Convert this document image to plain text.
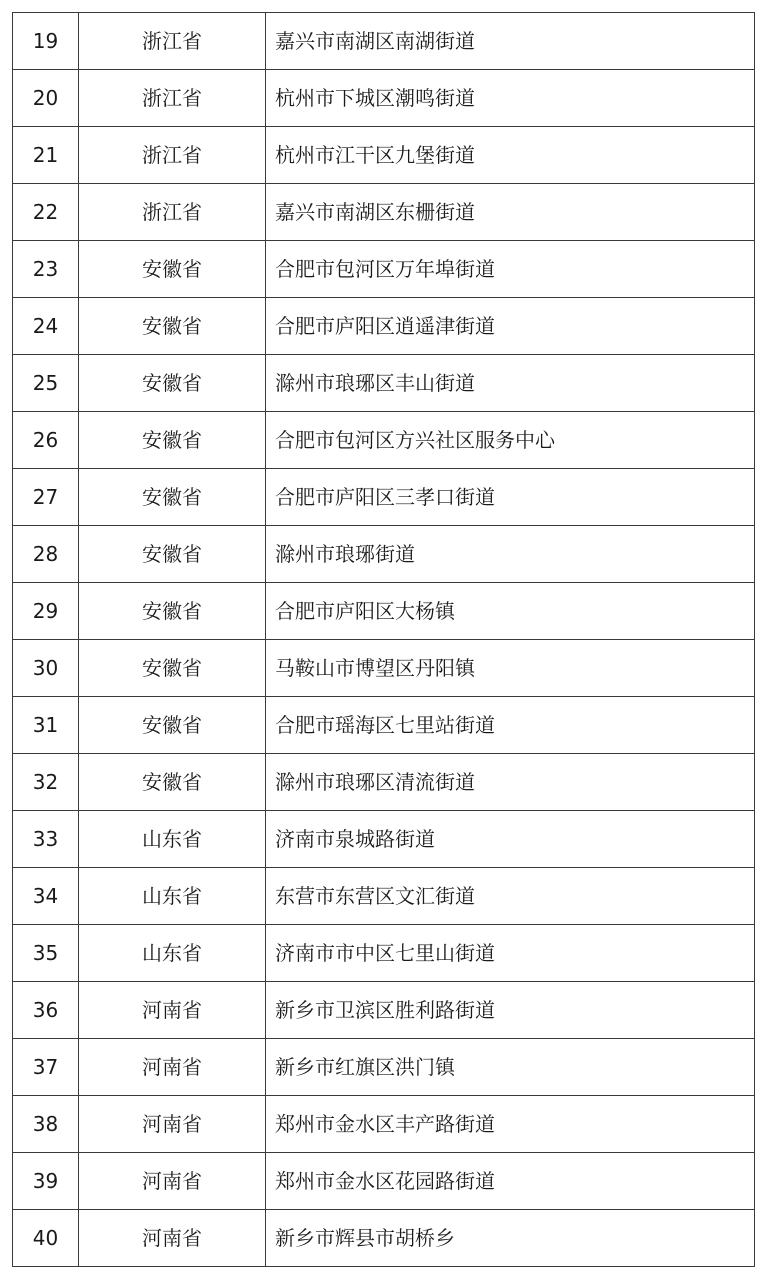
19	浙江省	嘉兴市南湖区南湖街道
20	浙江省	杭州市下城区潮鸣街道
21	浙江省	杭州市江干区九堡街道
22	浙江省	嘉兴市南湖区东栅街道
23	安徽省	合肥市包河区万年埠街道
24	安徽省	合肥市庐阳区逍遥津街道
25	安徽省	滁州市琅琊区丰山街道
26	安徽省	合肥市包河区方兴社区服务中心
27	安徽省	合肥市庐阳区三孝口街道
28	安徽省	滁州市琅琊街道
29	安徽省	合肥市庐阳区大杨镇
30	安徽省	马鞍山市博望区丹阳镇
31	安徽省	合肥市瑶海区七里站街道
32	安徽省	滁州市琅琊区清流街道
33	山东省	济南市泉城路街道
34	山东省	东营市东营区文汇街道
35	山东省	济南市市中区七里山街道
36	河南省	新乡市卫滨区胜利路街道
37	河南省	新乡市红旗区洪门镇
38	河南省	郑州市金水区丰产路街道
39	河南省	郑州市金水区花园路街道
40	河南省	新乡市辉县市胡桥乡
